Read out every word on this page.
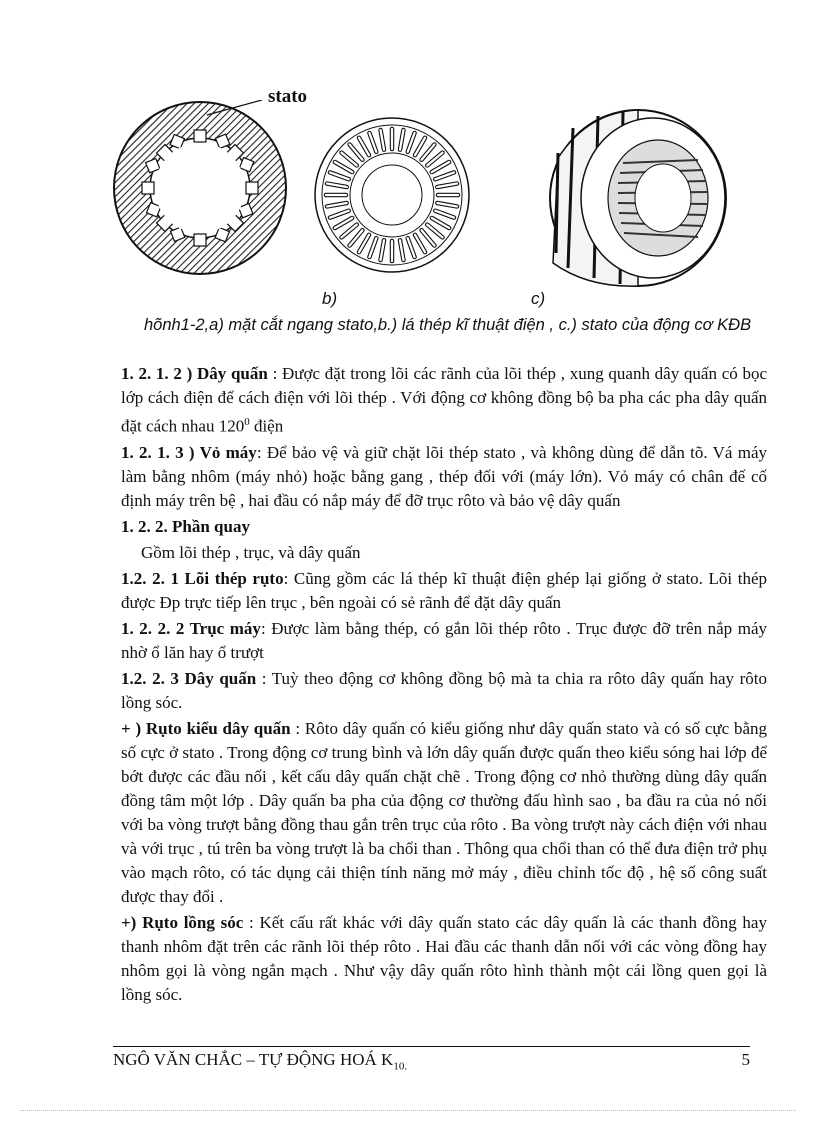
stato
b)	c)
hõnh1-2,a) mặt cắt ngang stato,b.) lá thép kĩ thuật điện , c.) stato của động cơ KĐB

1. 2. 1. 2 ) Dây quấn : Được đặt trong lõi các rãnh của lõi thép , xung quanh dây quấn có bọc lớp cách điện để cách điện với lõi thép . Với động cơ không đồng bộ ba pha các pha dây quấn đặt cách nhau $120^0$ điện

1. 2. 1. 3 ) Vỏ máy: Để bảo vệ và giữ chặt lõi thép stato , và không dùng để dẫn tõ. Vá máy làm bằng nhôm (máy nhỏ) hoặc bằng gang , thép đối với (máy lớn). Vỏ máy có chân đế cố định máy trên bệ , hai đầu có nắp máy để đỡ trục rôto và bảo vệ dây quấn

1. 2. 2. Phần quay

Gồm lõi thép , trục, và dây quấn

1.2. 2. 1 Lõi thép rụto: Cũng gồm các lá thép kĩ thuật điện ghép lại giống ở stato. Lõi thép được Đp trực tiếp lên trục , bên ngoài có sẻ rãnh để đặt dây quấn

1. 2. 2. 2 Trục máy: Được làm bằng thép, có gắn lõi thép rôto . Trục được đỡ trên nắp máy nhờ ổ lăn hay ổ trượt

1.2. 2. 3 Dây quấn : Tuỳ theo động cơ không đồng bộ mà ta chia ra rôto dây quấn hay rôto lồng sóc.

+ ) Rụto kiểu dây quấn : Rôto dây quấn có kiểu giống như dây quấn stato và có số cực bằng số cực ở stato . Trong động cơ trung bình và lớn dây quấn được quấn theo kiểu sóng hai lớp để bớt được các đầu nối , kết cấu dây quấn chặt chẽ . Trong động cơ nhỏ thường dùng dây quấn đồng tâm một lớp . Dây quấn ba pha của động cơ thường đấu hình sao , ba đầu ra của nó nối với ba vòng trượt bằng đồng thau gắn trên trục của rôto . Ba vòng trượt này cách điện với nhau và với trục , tú trên ba vòng trượt là ba chổi than . Thông qua chổi than có thể đưa điện trở phụ vào mạch rôto, có tác dụng cải thiện tính năng mở máy , điều chỉnh tốc độ , hệ số công suất được thay đổi .

+) Rụto lồng sóc : Kết cấu rất khác với dây quấn stato các dây quấn là các thanh đồng hay thanh nhôm đặt trên các rãnh lõi thép rôto . Hai đầu các thanh dẫn nối với các vòng đồng hay nhôm gọi là vòng ngắn mạch . Như vậy dây quấn rôto hình thành một cái lồng quen gọi là lồng sóc.

NGÔ VĂN CHẮC – TỰ ĐỘNG HOÁ $K_{10.}$	5
